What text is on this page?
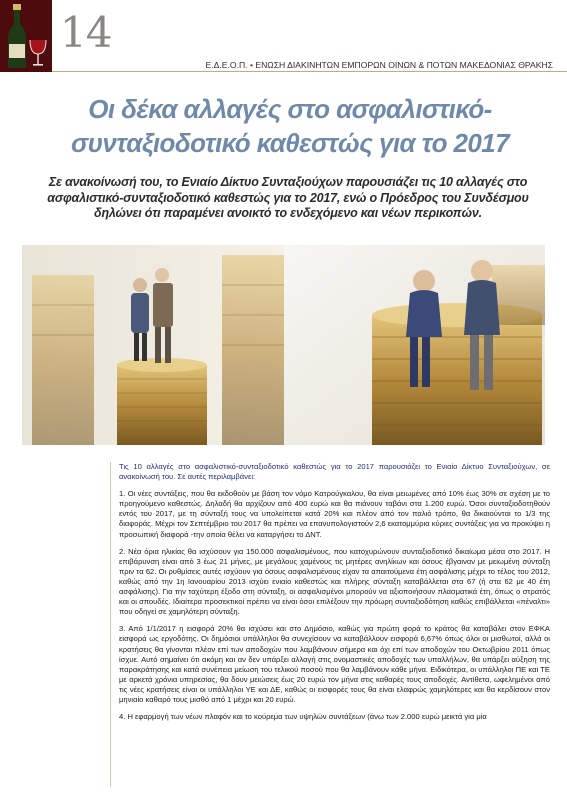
14
Ε.Δ.Ε.Ο.Π. • ΕΝΩΣΗ ΔΙΑΚΙΝΗΤΩΝ ΕΜΠΟΡΩΝ ΟΙΝΩΝ & ΠΟΤΩΝ ΜΑΚΕΔΟΝΙΑΣ ΘΡΑΚΗΣ
Οι δέκα αλλαγές στο ασφαλιστικό-συνταξιοδοτικό καθεστώς για το 2017
Σε ανακοίνωσή του, το Ενιαίο Δίκτυο Συνταξιούχων παρουσιάζει τις 10 αλλαγές στο ασφαλιστικό-συνταξιοδοτικό καθεστώς για το 2017, ενώ ο Πρόεδρος του Συνδέσμου δηλώνει ότι παραμένει ανοικτό το ενδεχόμενο και νέων περικοπών.

Τις 10 αλλαγές στο ασφαλιστικό-συνταξιοδοτικό καθεστώς για το 2017 παρουσιάζει το Ενιαίο Δίκτυο Συνταξιούχων, σε ανακοίνωσή του. Σε αυτές περιλαμβάνει:

1. Οι νέες συντάξεις, που θα εκδοθούν με βάση τον νόμο Κατρούγκαλου, θα είναι μειωμένες από 10% έως 30% σε σχέση με το προηγούμενο καθεστώς. Δηλαδή θα αρχίζουν από 400 ευρώ και θα πιάνουν ταβάνι στα 1.200 ευρώ. Όσοι συνταξιοδοτηθούν εντός του 2017, με τη σύνταξή τους να υπολείπεται κατά 20% και πλέον από τον παλιό τρόπο, θα δικαιούνται το 1/3 της διαφοράς. Μέχρι τον Σεπτέμβριο του 2017 θα πρέπει να επανυπολογιστούν 2,6 εκατομμύρια κύριες συντάξεις για να προκύψει η προσωπική διαφορά -την οποία θέλει να καταργήσει το ΔΝΤ.

2. Νέα όρια ηλικίας θα ισχύσουν για 150.000 ασφαλισμένους, που κατοχυρώνουν συνταξιοδοτικό δικαίωμα μέσα στο 2017. Η επιβάρυνση είναι από 3 έως 21 μήνες, με μεγάλους χαμένους τις μητέρες ανηλίκων και όσους έβγαιναν με μειωμένη σύνταξη πριν τα 62. Οι ρυθμίσεις αυτές ισχύουν για όσους ασφαλισμένους είχαν τα απαιτούμενα έτη ασφάλισης μέχρι το τέλος του 2012, καθώς από την 1η Ιανουαρίου 2013 ισχύει ενιαίο καθεστώς και πλήρης σύνταξη καταβάλλεται στα 67 (ή στα 62 με 40 έτη ασφάλισης). Για την ταχύτερη έξοδο στη σύνταξη, οι ασφαλισμένοι μπορούν να αξιοποιήσουν πλασματικά έτη, όπως ο στρατός και οι σπουδές. Ιδιαίτερα προσεκτικοί πρέπει να είναι όσοι επιλέξουν την πρόωρη συνταξιοδότηση καθώς επιβάλλεται «πέναλτι» που οδηγεί σε χαμηλότερη σύνταξη.

3. Από 1/1/2017 η εισφορά 20% θα ισχύσει και στο Δημόσιο, καθώς για πρώτη φορά το κράτος θα καταβάλει στον ΕΦΚΑ εισφορά ως εργοδότης. Οι δημόσιοι υπάλληλοι θα συνεχίσουν να καταβάλλουν εισφορά 6,67% όπως όλοι οι μισθωτοί, αλλά οι κρατήσεις θα γίνονται πλέον επί των αποδοχών που λαμβάνουν σήμερα και όχι επί των αποδοχών του Οκτωβρίου 2011 όπως ίσχυε. Αυτό σημαίνει ότι ακόμη και αν δεν υπάρξει αλλαγή στις ονομαστικές αποδοχές των υπαλλήλων, θα υπάρξει αύξηση της παρακράτησης και κατά συνέπεια μείωση του τελικού ποσού που θα λαμβάνουν κάθε μήνα. Ειδικότερα, οι υπάλληλοι ΠΕ και ΤΕ με αρκετά χρόνια υπηρεσίας, θα δουν μειώσεις έως 20 ευρώ τον μήνα στις καθαρές τους αποδοχές. Αντίθετα, ωφελημένοι από τις νέες κρατήσεις είναι οι υπάλληλοι ΥΕ και ΔΕ, καθώς οι εισφορές τους θα είναι ελαφρώς χαμηλότερες και θα κερδίσουν στον μηνιαίο καθαρό τους μισθό από 1 μέχρι και 20 ευρώ.

4. Η εφαρμογή των νέων πλαφόν και το κούρεμα των υψηλών συντάξεων (άνω των 2.000 ευρώ μεικτά για μία
